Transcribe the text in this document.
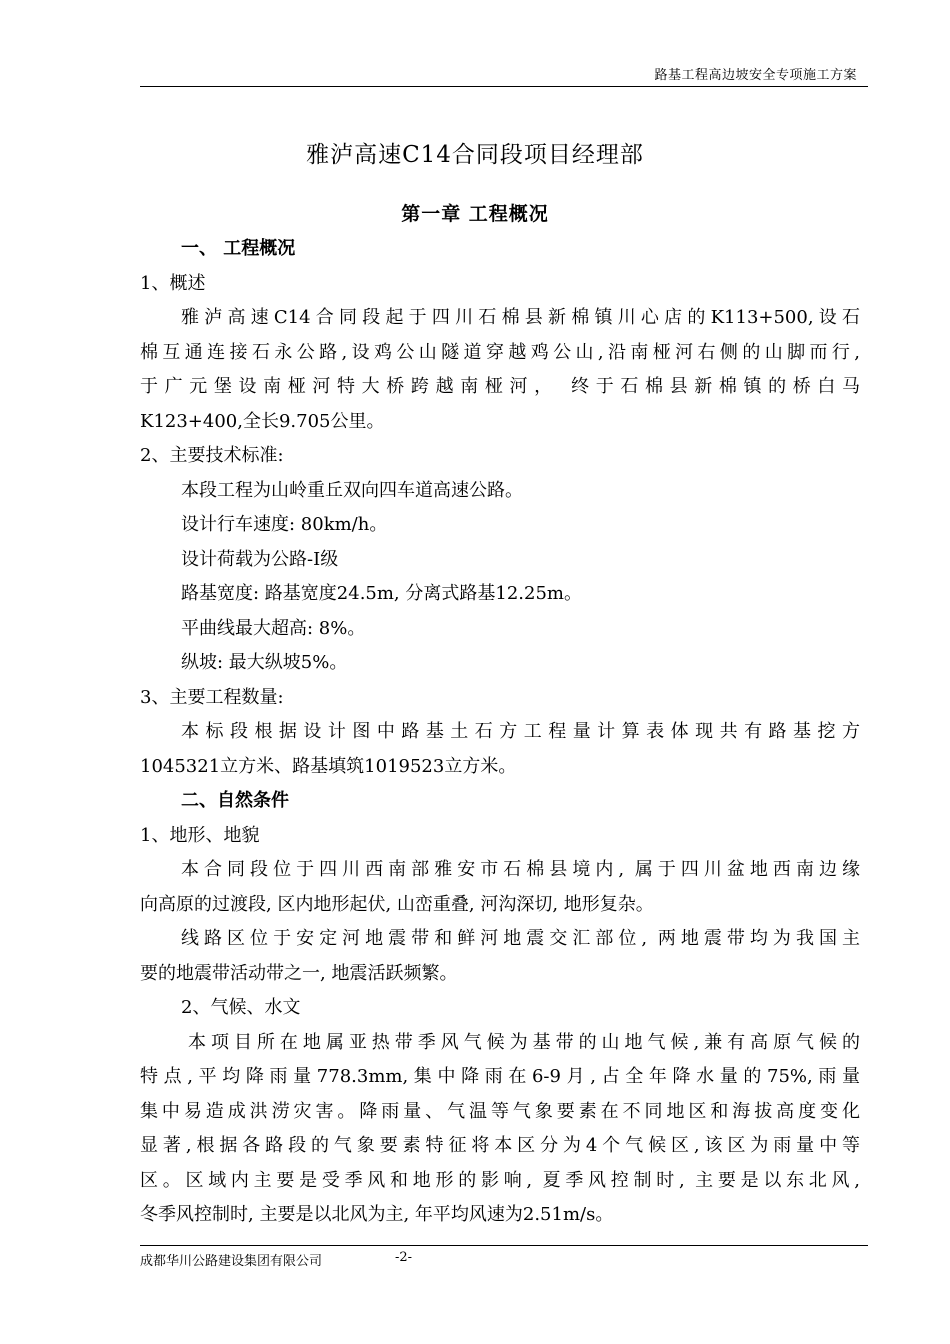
路基工程高边坡安全专项施工方案
雅泸高速C14合同段项目经理部
第一章 工程概况

一、 工程概况

1、概述

雅泸高速C14合同段起于四川石棉县新棉镇川心店的K113+500,设石

棉互通连接石永公路,设鸡公山隧道穿越鸡公山,沿南桠河右侧的山脚而行,

于广元堡设南桠河特大桥跨越南桠河， 终于石棉县新棉镇的桥白马

K123+400,全长9.705公里。

2、主要技术标准:

本段工程为山岭重丘双向四车道高速公路。

设计行车速度: 80km/h。

设计荷载为公路-Ⅰ级

路基宽度: 路基宽度24.5m, 分离式路基12.25m。

平曲线最大超高: 8%。

纵坡: 最大纵坡5%。

3、主要工程数量:

本标段根据设计图中路基土石方工程量计算表体现共有路基挖方

1045321立方米、路基填筑1019523立方米。

二、自然条件

1、地形、地貌

本合同段位于四川西南部雅安市石棉县境内, 属于四川盆地西南边缘

向高原的过渡段, 区内地形起伏, 山峦重叠, 河沟深切, 地形复杂。

线路区位于安定河地震带和鲜河地震交汇部位, 两地震带均为我国主

要的地震带活动带之一, 地震活跃频繁。

2、气候、水文

本项目所在地属亚热带季风气候为基带的山地气候,兼有高原气候的

特点,平均降雨量778.3mm,集中降雨在6-9月,占全年降水量的75%,雨量

集中易造成洪涝灾害。降雨量、气温等气象要素在不同地区和海拔高度变化

显著,根据各路段的气象要素特征将本区分为4个气候区,该区为雨量中等

区。区域内主要是受季风和地形的影响, 夏季风控制时, 主要是以东北风,

冬季风控制时, 主要是以北风为主, 年平均风速为2.51m/s。

成都华川公路建设集团有限公司	-2-
